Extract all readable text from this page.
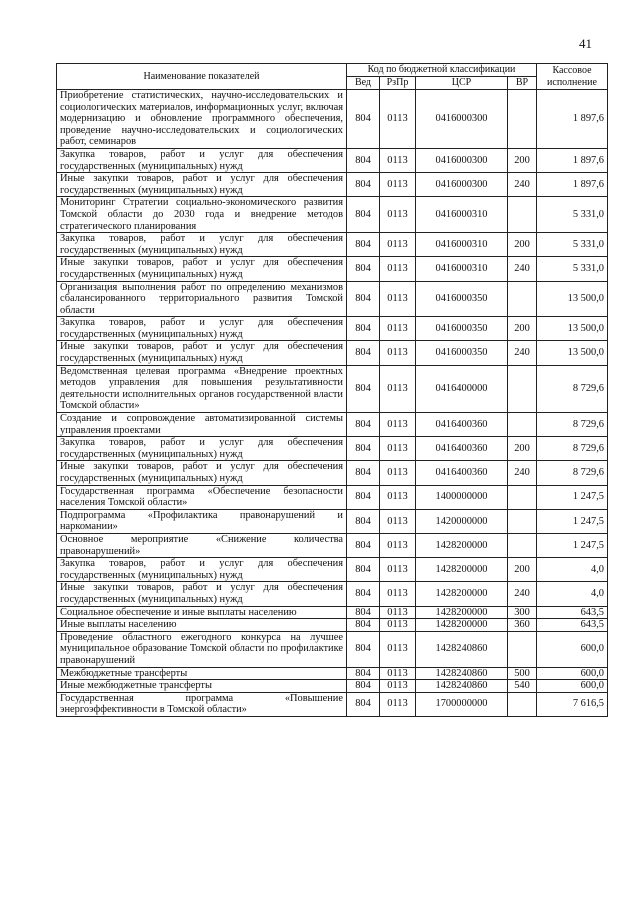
41
Наименование показателей	Код по бюджетной классификации				Кассовое исполнение
	Вед	РзПр	ЦСР	ВР	
Приобретение статистических, научно-исследовательских и социологических материалов, информационных услуг, включая модернизацию и обновление программного обеспечения, проведение научно-исследовательских и социологических работ, семинаров	804	0113	0416000300		1 897,6
Закупка товаров, работ и услуг для обеспечения государственных (муниципальных) нужд	804	0113	0416000300	200	1 897,6
Иные закупки товаров, работ и услуг для обеспечения государственных (муниципальных) нужд	804	0113	0416000300	240	1 897,6
Мониторинг Стратегии социально-экономического развития Томской области до 2030 года и внедрение методов стратегического планирования	804	0113	0416000310		5 331,0
Закупка товаров, работ и услуг для обеспечения государственных (муниципальных) нужд	804	0113	0416000310	200	5 331,0
Иные закупки товаров, работ и услуг для обеспечения государственных (муниципальных) нужд	804	0113	0416000310	240	5 331,0
Организация выполнения работ по определению механизмов сбалансированного территориального развития Томской области	804	0113	0416000350		13 500,0
Закупка товаров, работ и услуг для обеспечения государственных (муниципальных) нужд	804	0113	0416000350	200	13 500,0
Иные закупки товаров, работ и услуг для обеспечения государственных (муниципальных) нужд	804	0113	0416000350	240	13 500,0
Ведомственная целевая программа «Внедрение проектных методов управления для повышения результативности деятельности исполнительных органов государственной власти Томской области»	804	0113	0416400000		8 729,6
Создание и сопровождение автоматизированной системы управления проектами	804	0113	0416400360		8 729,6
Закупка товаров, работ и услуг для обеспечения государственных (муниципальных) нужд	804	0113	0416400360	200	8 729,6
Иные закупки товаров, работ и услуг для обеспечения государственных (муниципальных) нужд	804	0113	0416400360	240	8 729,6
Государственная программа «Обеспечение безопасности населения Томской области»	804	0113	1400000000		1 247,5
Подпрограмма «Профилактика правонарушений и наркомании»	804	0113	1420000000		1 247,5
Основное мероприятие «Снижение количества правонарушений»	804	0113	1428200000		1 247,5
Закупка товаров, работ и услуг для обеспечения государственных (муниципальных) нужд	804	0113	1428200000	200	4,0
Иные закупки товаров, работ и услуг для обеспечения государственных (муниципальных) нужд	804	0113	1428200000	240	4,0
Социальное обеспечение и иные выплаты населению	804	0113	1428200000	300	643,5
Иные выплаты населению	804	0113	1428200000	360	643,5
Проведение областного ежегодного конкурса на лучшее муниципальное образование Томской области по профилактике правонарушений	804	0113	1428240860		600,0
Межбюджетные трансферты	804	0113	1428240860	500	600,0
Иные межбюджетные трансферты	804	0113	1428240860	540	600,0
Государственная программа «Повышение энергоэффективности в Томской области»	804	0113	1700000000		7 616,5
